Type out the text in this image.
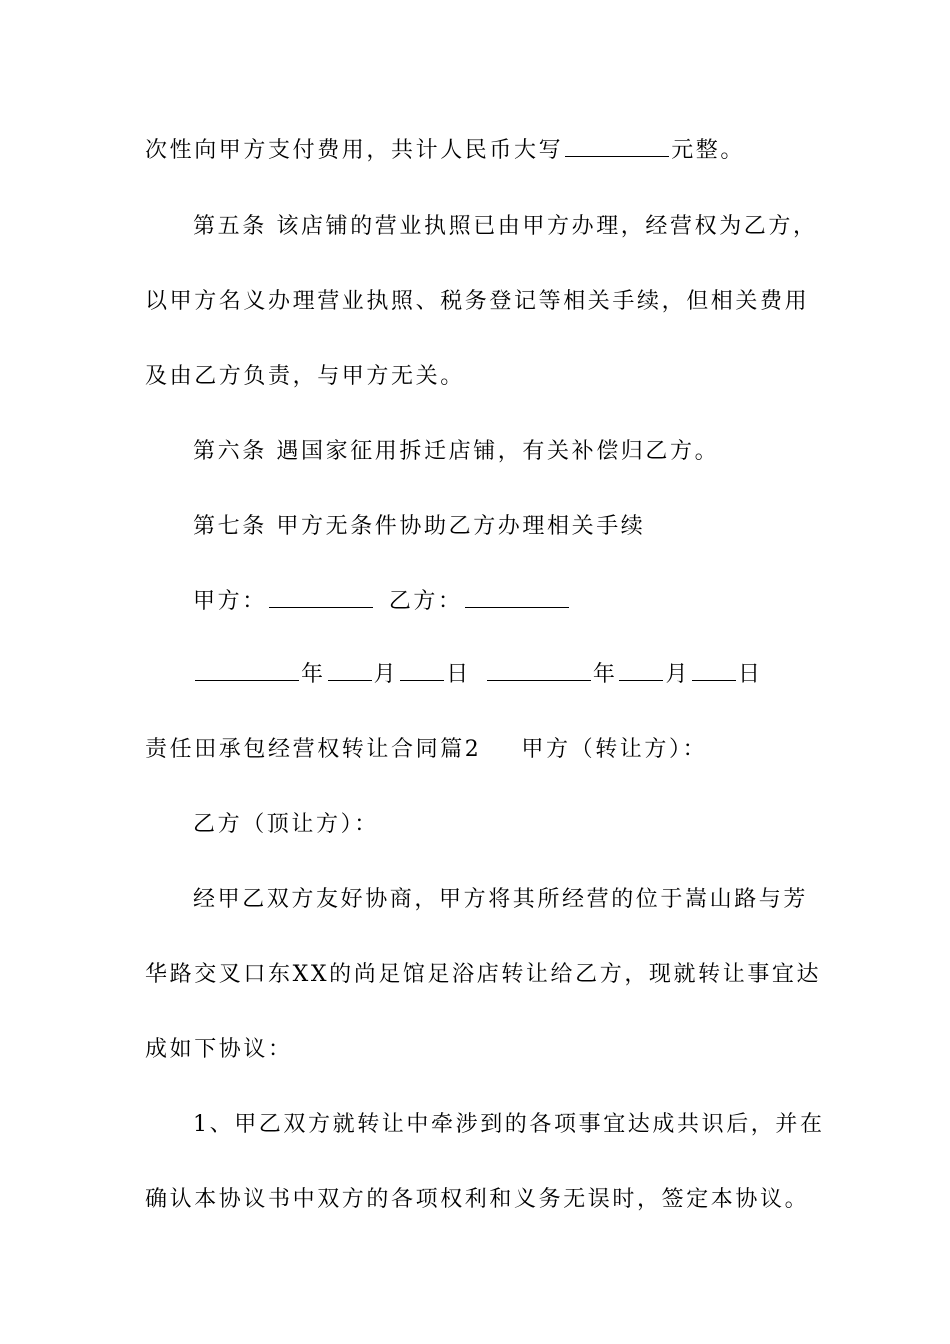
次性向甲方支付费用，共计人民币大写	元整。
第五条 该店铺的营业执照已由甲方办理，经营权为乙方，
以甲方名义办理营业执照、税务登记等相关手续，但相关费用
及由乙方负责，与甲方无关。
第六条 遇国家征用拆迁店铺，有关补偿归乙方。
第七条 甲方无条件协助乙方办理相关手续
甲方：	乙方：
年 月 日	年 月 日
责任田承包经营权转让合同篇2 甲方（转让方）：
乙方（顶让方）：
经甲乙双方友好协商，甲方将其所经营的位于嵩山路与芳
华路交叉口东XX的尚足馆足浴店转让给乙方，现就转让事宜达
成如下协议：
1、甲乙双方就转让中牵涉到的各项事宜达成共识后，并在
确认本协议书中双方的各项权利和义务无误时，签定本协议。
